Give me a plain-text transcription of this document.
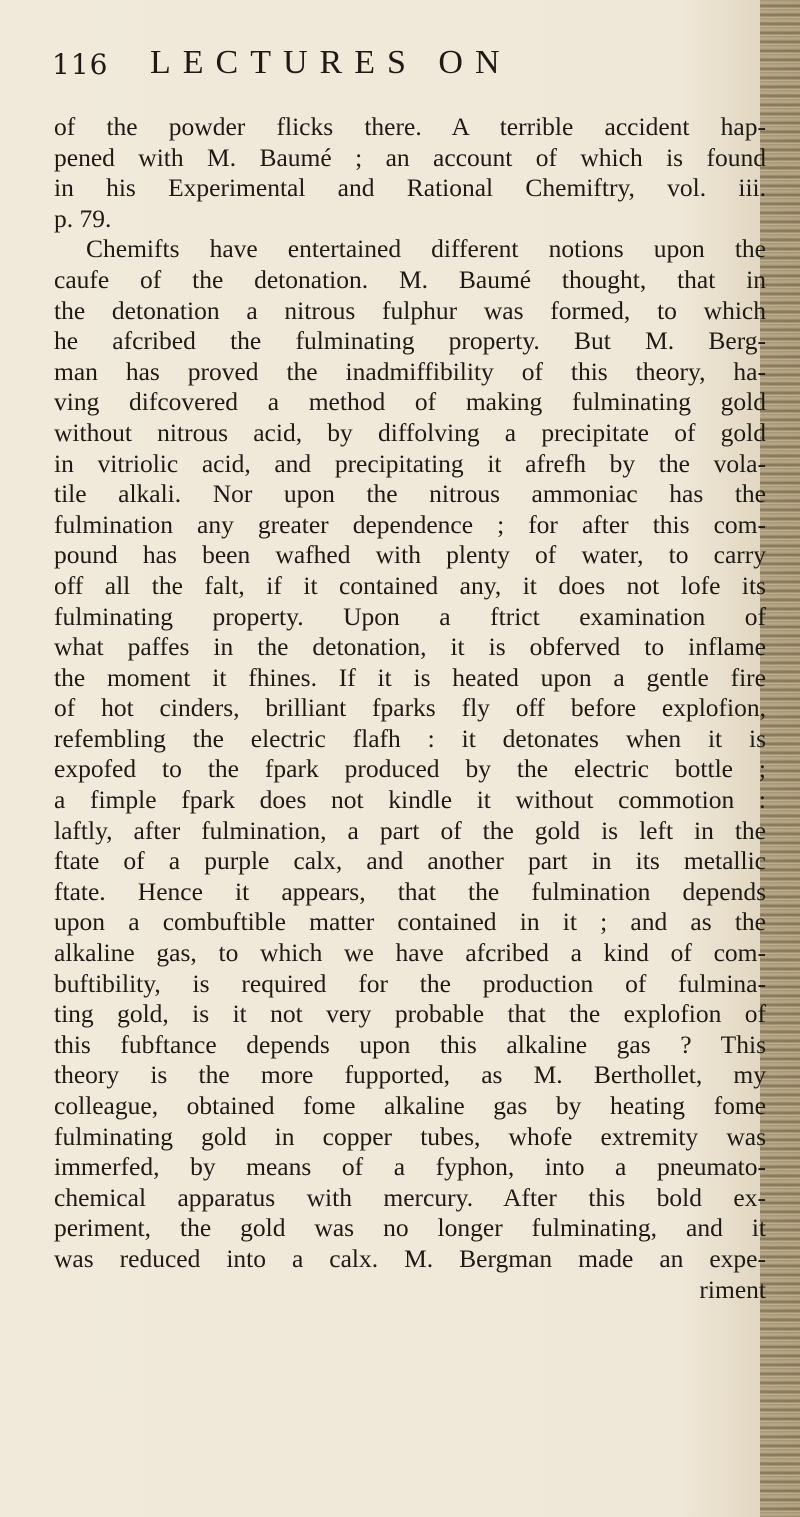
116 LECTURES ON
of the powder flicks there. A terrible accident hap-
pened with M. Baumé ; an account of which is found
in his Experimental and Rational Chemiftry, vol. iii.
p. 79.
Chemifts have entertained different notions upon the
caufe of the detonation. M. Baumé thought, that in
the detonation a nitrous fulphur was formed, to which
he afcribed the fulminating property. But M. Berg-
man has proved the inadmiffibility of this theory, ha-
ving difcovered a method of making fulminating gold
without nitrous acid, by diffolving a precipitate of gold
in vitriolic acid, and precipitating it afrefh by the vola-
tile alkali. Nor upon the nitrous ammoniac has the
fulmination any greater dependence ; for after this com-
pound has been wafhed with plenty of water, to carry
off all the falt, if it contained any, it does not lofe its
fulminating property. Upon a ftrict examination of
what paffes in the detonation, it is obferved to inflame
the moment it fhines. If it is heated upon a gentle fire
of hot cinders, brilliant fparks fly off before explofion,
refembling the electric flafh : it detonates when it is
expofed to the fpark produced by the electric bottle ;
a fimple fpark does not kindle it without commotion :
laftly, after fulmination, a part of the gold is left in the
ftate of a purple calx, and another part in its metallic
ftate. Hence it appears, that the fulmination depends
upon a combuftible matter contained in it ; and as the
alkaline gas, to which we have afcribed a kind of com-
buftibility, is required for the production of fulmina-
ting gold, is it not very probable that the explofion of
this fubftance depends upon this alkaline gas ? This
theory is the more fupported, as M. Berthollet, my
colleague, obtained fome alkaline gas by heating fome
fulminating gold in copper tubes, whofe extremity was
immerfed, by means of a fyphon, into a pneumato-
chemical apparatus with mercury. After this bold ex-
periment, the gold was no longer fulminating, and it
was reduced into a calx. M. Bergman made an expe-
riment
